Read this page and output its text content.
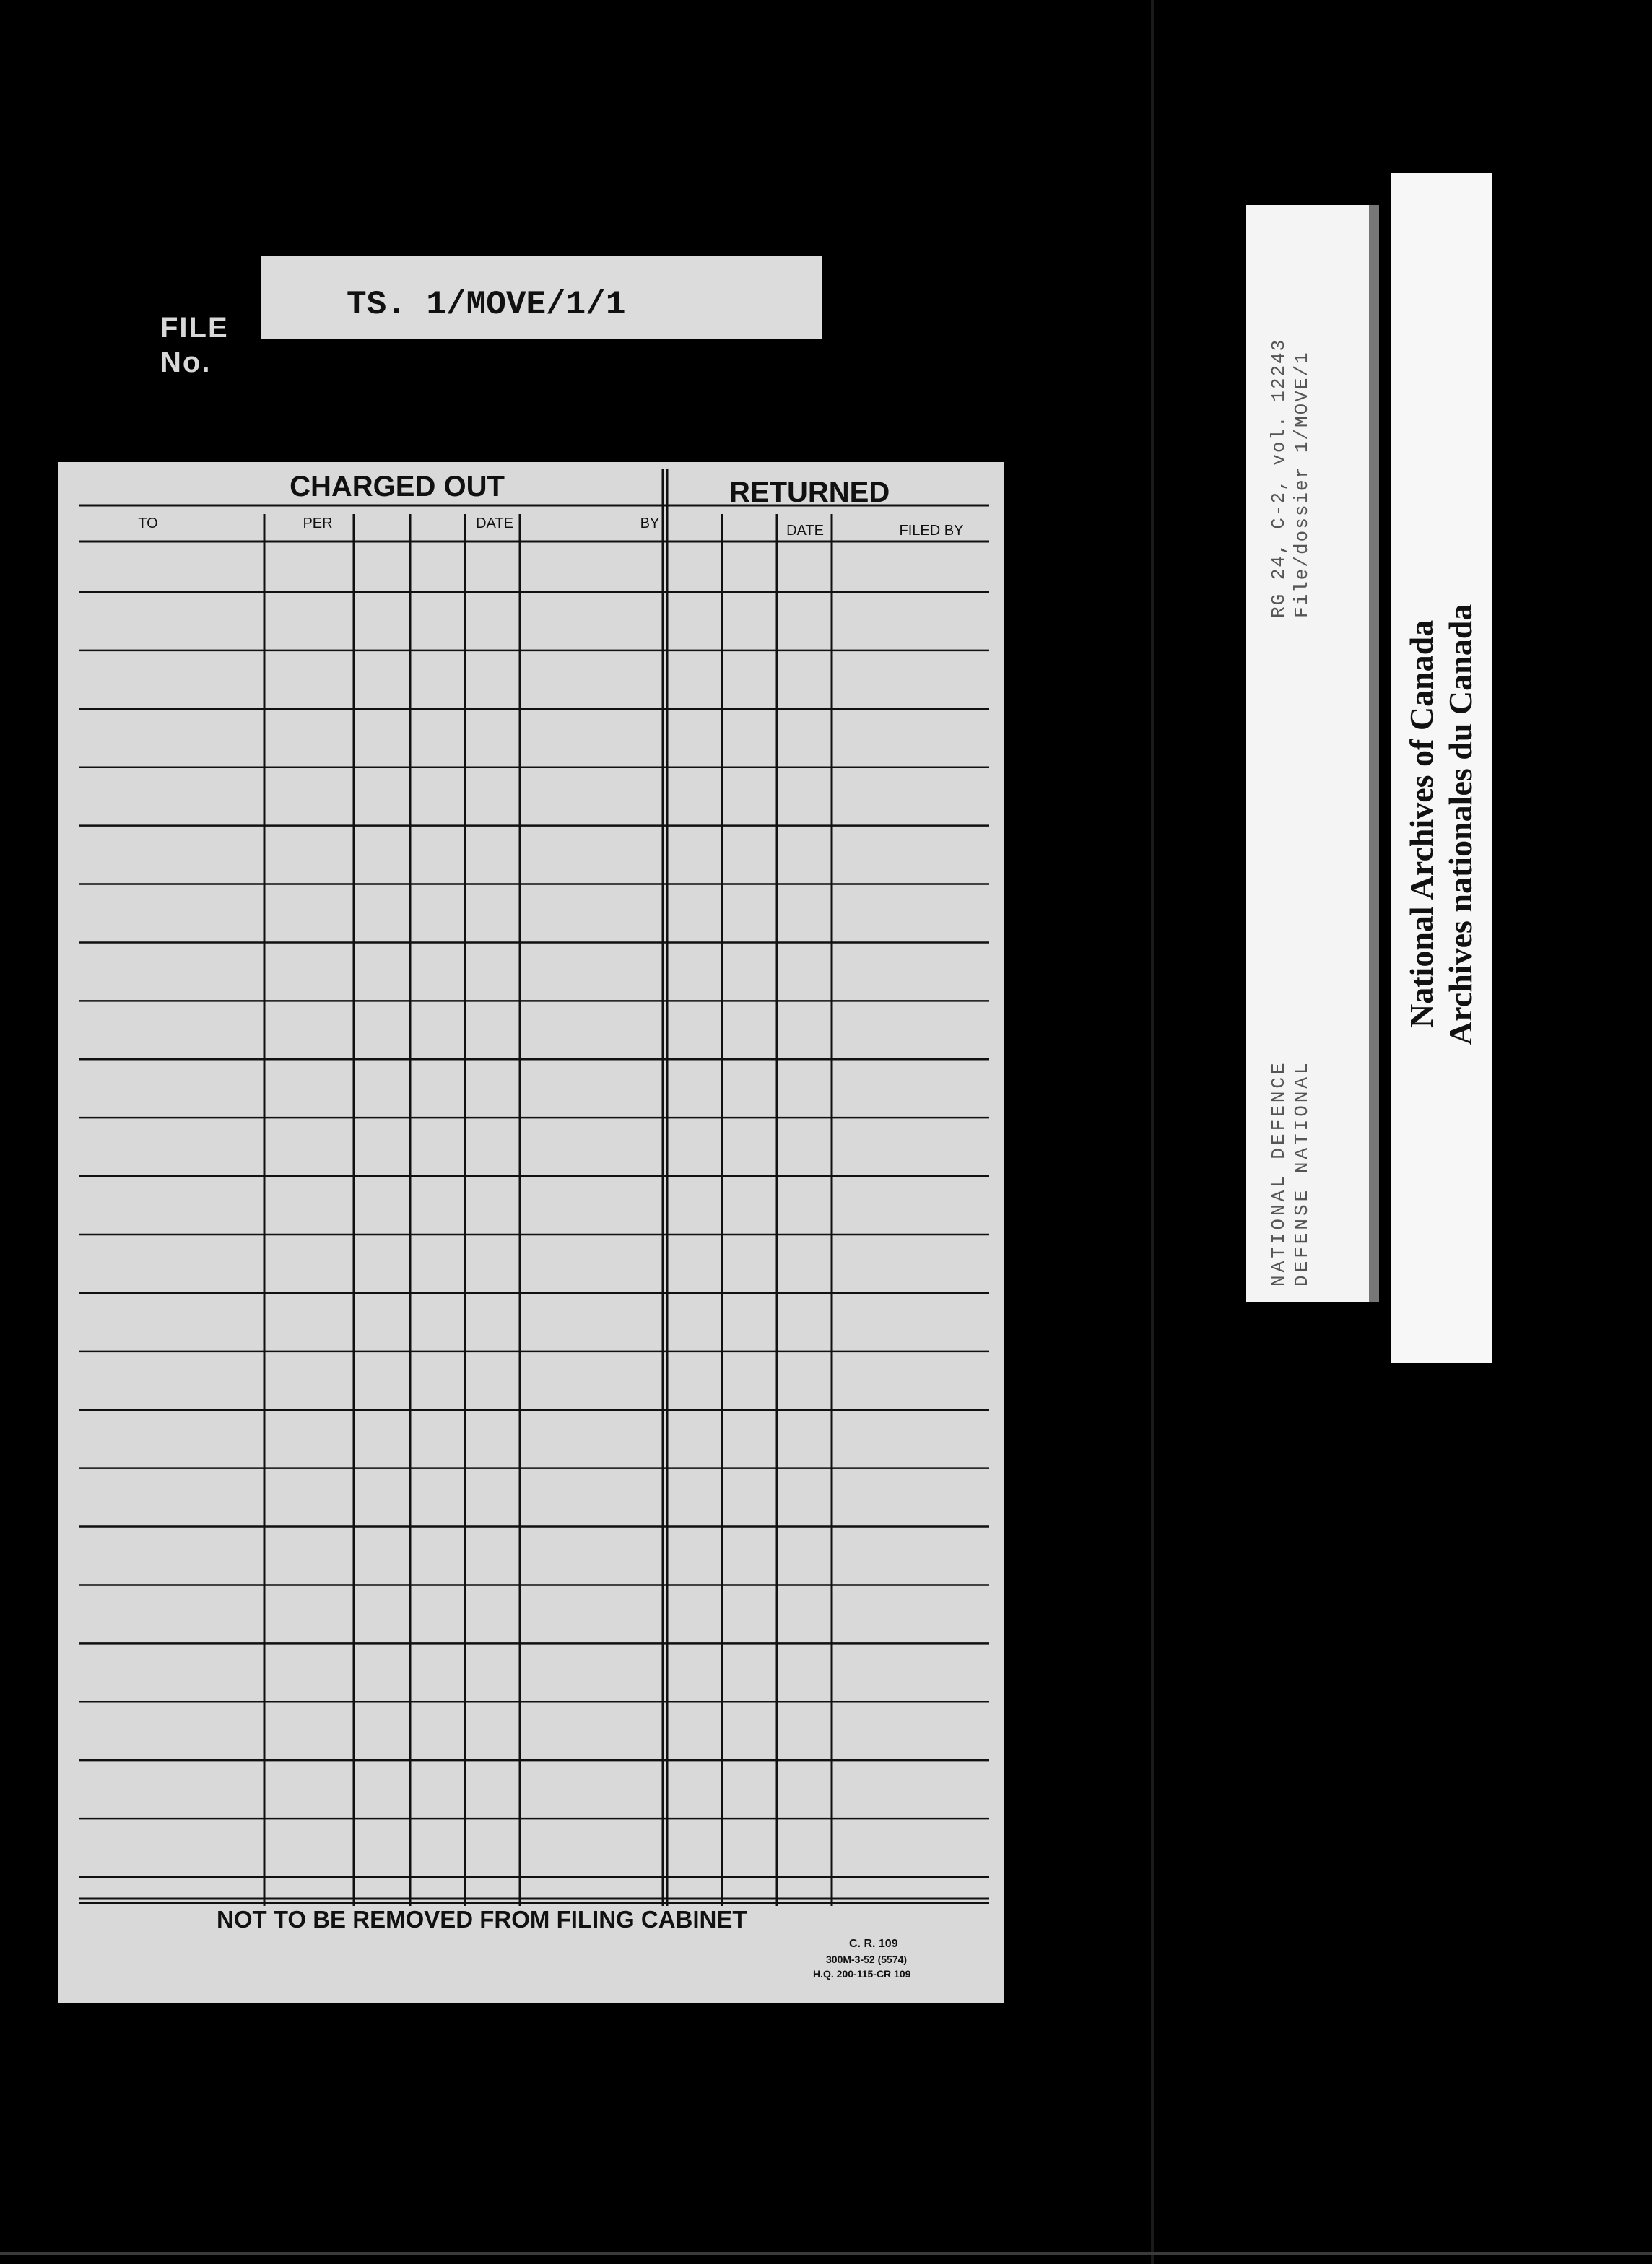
FILE
No.
TS. 1/MOVE/1/1
CHARGED OUT	RETURNED
TO	PER	DATE	BY	DATE	FILED BY
NOT TO BE REMOVED FROM FILING CABINET
C. R. 109
300M-3-52 (5574)
H.Q. 200-115-CR 109
RG 24, C-2, vol. 12243 File/dossier 1/MOVE/1
NATIONAL DEFENCE DEFENSE NATIONAL
National Archives of Canada Archives nationales du Canada
